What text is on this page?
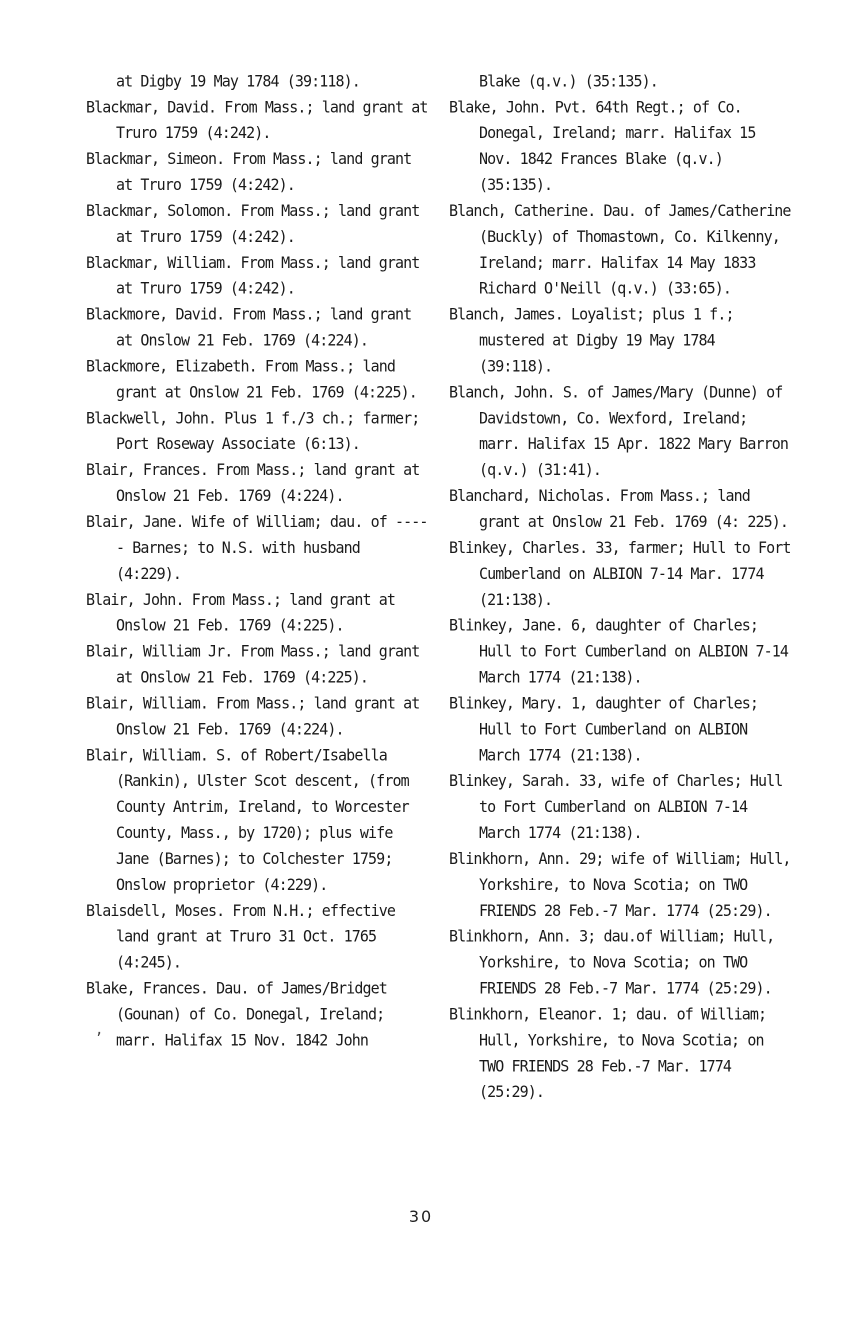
at Digby 19 May 1784 (39:118).

Blackmar, David. From Mass.; land grant at Truro 1759 (4:242).

Blackmar, Simeon. From Mass.; land grant at Truro 1759 (4:242).

Blackmar, Solomon. From Mass.; land grant at Truro 1759 (4:242).

Blackmar, William. From Mass.; land grant at Truro 1759 (4:242).

Blackmore, David. From Mass.; land grant at Onslow 21 Feb. 1769 (4:224).

Blackmore, Elizabeth. From Mass.; land grant at Onslow 21 Feb. 1769 (4:225).

Blackwell, John. Plus 1 f./3 ch.; farmer; Port Roseway Associate (6:13).

Blair, Frances. From Mass.; land grant at Onslow 21 Feb. 1769 (4:224).

Blair, Jane. Wife of William; dau. of ----- Barnes; to N.S. with husband (4:229).

Blair, John. From Mass.; land grant at Onslow 21 Feb. 1769 (4:225).

Blair, William Jr. From Mass.; land grant at Onslow 21 Feb. 1769 (4:225).

Blair, William. From Mass.; land grant at Onslow 21 Feb. 1769 (4:224).

Blair, William. S. of Robert/Isabella (Rankin), Ulster Scot descent, (from County Antrim, Ireland, to Worcester County, Mass., by 1720); plus wife Jane (Barnes); to Colchester 1759; Onslow proprietor (4:229).

Blaisdell, Moses. From N.H.; effective land grant at Truro 31 Oct. 1765 (4:245).

Blake, Frances. Dau. of James/Bridget (Gounan) of Co. Donegal, Ireland; marr. Halifax 15 Nov. 1842 John

Blake (q.v.) (35:135).

Blake, John. Pvt. 64th Regt.; of Co. Donegal, Ireland; marr. Halifax 15 Nov. 1842 Frances Blake (q.v.) (35:135).

Blanch, Catherine. Dau. of James/Catherine (Buckly) of Thomastown, Co. Kilkenny, Ireland; marr. Halifax 14 May 1833 Richard O'Neill (q.v.) (33:65).

Blanch, James. Loyalist; plus 1 f.; mustered at Digby 19 May 1784 (39:118).

Blanch, John. S. of James/Mary (Dunne) of Davidstown, Co. Wexford, Ireland; marr. Halifax 15 Apr. 1822 Mary Barron (q.v.) (31:41).

Blanchard, Nicholas. From Mass.; land grant at Onslow 21 Feb. 1769 (4: 225).

Blinkey, Charles. 33, farmer; Hull to Fort Cumberland on ALBION 7-14 Mar. 1774 (21:138).

Blinkey, Jane. 6, daughter of Charles; Hull to Fort Cumberland on ALBION 7-14 March 1774 (21:138).

Blinkey, Mary. 1, daughter of Charles; Hull to Fort Cumberland on ALBION March 1774 (21:138).

Blinkey, Sarah. 33, wife of Charles; Hull to Fort Cumberland on ALBION 7-14 March 1774 (21:138).

Blinkhorn, Ann. 29; wife of William; Hull, Yorkshire, to Nova Scotia; on TWO FRIENDS 28 Feb.-7 Mar. 1774 (25:29).

Blinkhorn, Ann. 3; dau.of William; Hull, Yorkshire, to Nova Scotia; on TWO FRIENDS 28 Feb.-7 Mar. 1774 (25:29).

Blinkhorn, Eleanor. 1; dau. of William; Hull, Yorkshire, to Nova Scotia; on TWO FRIENDS 28 Feb.-7 Mar. 1774 (25:29).

,
30
